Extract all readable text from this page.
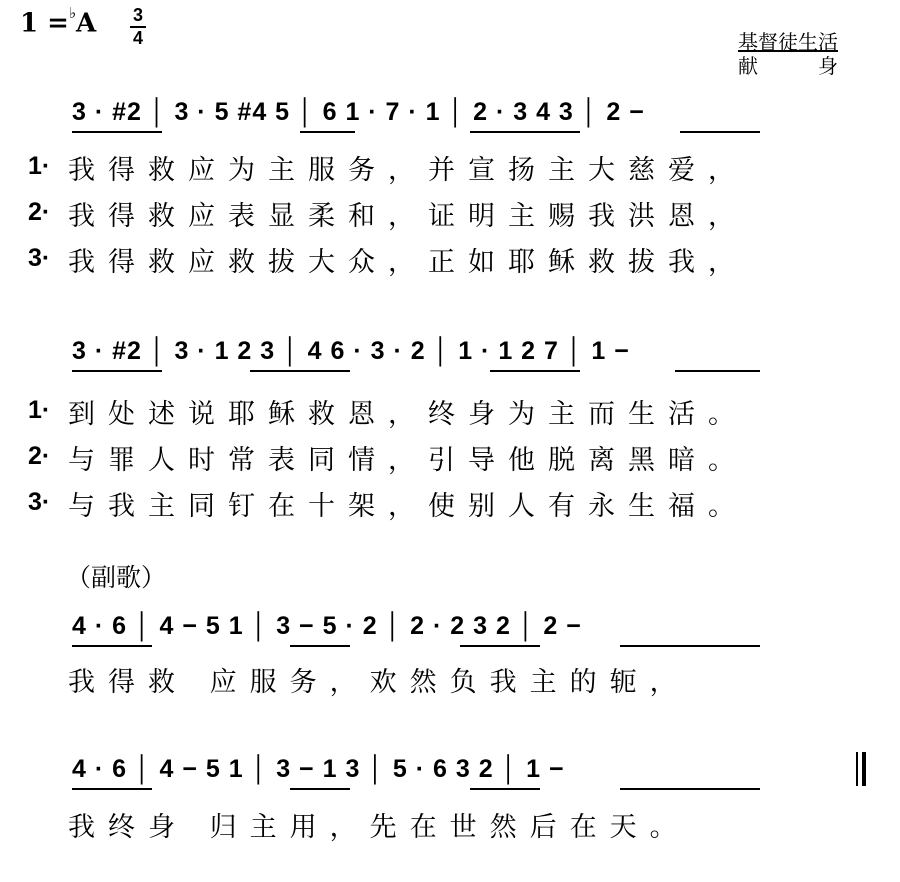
1 =♭A 3
4	基督徒生活
献身
3 · #2 │ 3 · 5 #4 5 │ 6 1 · 7 · 1 │ 2 · 3 4 3 │ 2 −
1· 我得救应为主服务，并宣扬主大慈爱，
2· 我得救应表显柔和，证明主赐我洪恩，
3· 我得救应救拔大众，正如耶稣救拔我，
3 · #2 │ 3 · 1 2 3 │ 4 6 · 3 · 2 │ 1 · 1 2 7 │ 1 −
1· 到处述说耶稣救恩，终身为主而生活。
2· 与罪人时常表同情，引导他脱离黑暗。
3· 与我主同钉在十架，使别人有永生福。
（副歌）
4 · 6 │ 4 − 5 1 │ 3 − 5 · 2 │ 2 · 2 3 2 │ 2 −
我得救 应服务，欢然负我主的轭，
4 · 6 │ 4 − 5 1 │ 3 − 1 3 │ 5 · 6 3 2 │ 1 −
我终身 归主用，先在世然后在天。
